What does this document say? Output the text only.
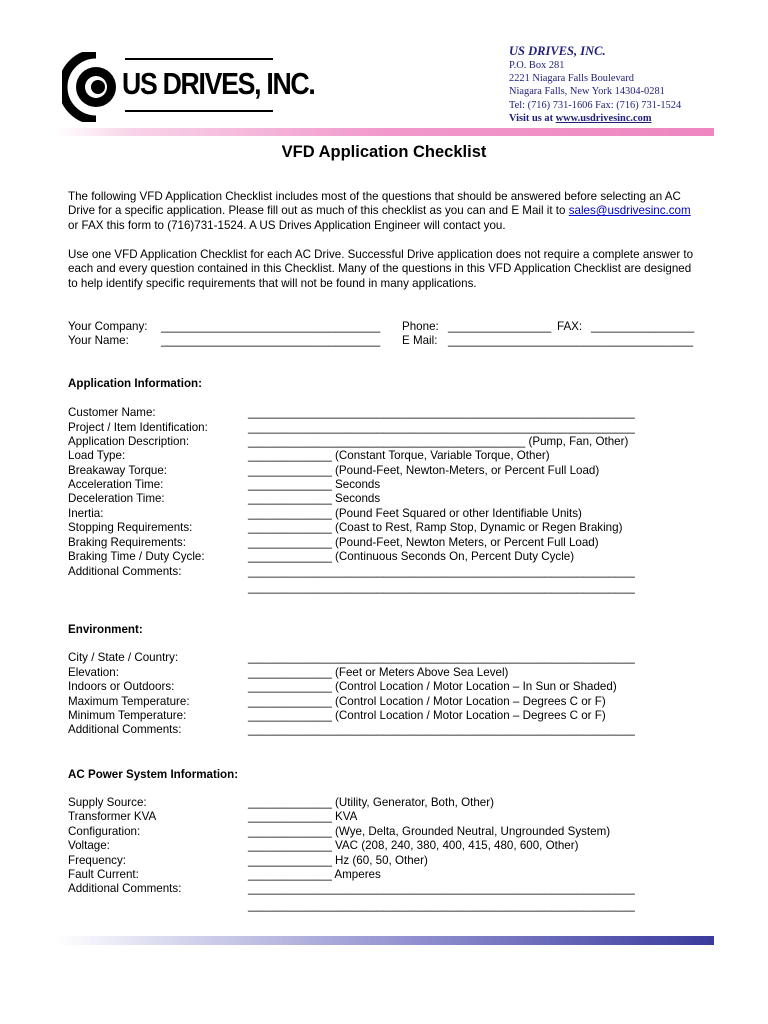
US DRIVES, INC.
US DRIVES, INC.
P.O. Box 281
2221 Niagara Falls Boulevard
Niagara Falls, New York 14304-0281
Tel: (716) 731-1606 Fax: (716) 731-1524
Visit us at www.usdrivesinc.com
VFD Application Checklist
The following VFD Application Checklist includes most of the questions that should be answered before selecting an AC Drive for a specific application. Please fill out as much of this checklist as you can and E Mail it to sales@usdrivesinc.com or FAX this form to (716)731-1524. A US Drives Application Engineer will contact you.
Use one VFD Application Checklist for each AC Drive. Successful Drive application does not require a complete answer to each and every question contained in this Checklist. Many of the questions in this VFD Application Checklist are designed to help identify specific requirements that will not be found in many applications.
Your Company: __________________________________ Phone: ________________ FAX: ________________
Your Name:	__________________________________ E Mail: ______________________________________
Application Information:
Customer Name:	____________________________________________________________
Project / Item Identification:	____________________________________________________________
Application Description:	___________________________________________ (Pump, Fan, Other)
Load Type:	_____________ (Constant Torque, Variable Torque, Other)
Breakaway Torque:	_____________ (Pound-Feet, Newton-Meters, or Percent Full Load)
Acceleration Time:	_____________ Seconds
Deceleration Time:	_____________ Seconds
Inertia:	_____________ (Pound Feet Squared or other Identifiable Units)
Stopping Requirements:	_____________ (Coast to Rest, Ramp Stop, Dynamic or Regen Braking)
Braking Requirements:	_____________ (Pound-Feet, Newton Meters, or Percent Full Load)
Braking Time / Duty Cycle:	_____________ (Continuous Seconds On, Percent Duty Cycle)
Additional Comments:	____________________________________________________________
____________________________________________________________
Environment:
City / State / Country:	____________________________________________________________
Elevation:	_____________ (Feet or Meters Above Sea Level)
Indoors or Outdoors:	_____________ (Control Location / Motor Location – In Sun or Shaded)
Maximum Temperature:	_____________ (Control Location / Motor Location – Degrees C or F)
Minimum Temperature:	_____________ (Control Location / Motor Location – Degrees C or F)
Additional Comments:	____________________________________________________________
AC Power System Information:
Supply Source:	_____________ (Utility, Generator, Both, Other)
Transformer KVA	_____________ KVA
Configuration:	_____________ (Wye, Delta, Grounded Neutral, Ungrounded System)
Voltage:	_____________ VAC (208, 240, 380, 400, 415, 480, 600, Other)
Frequency:	_____________ Hz (60, 50, Other)
Fault Current:	_____________ Amperes
Additional Comments:	____________________________________________________________
____________________________________________________________
